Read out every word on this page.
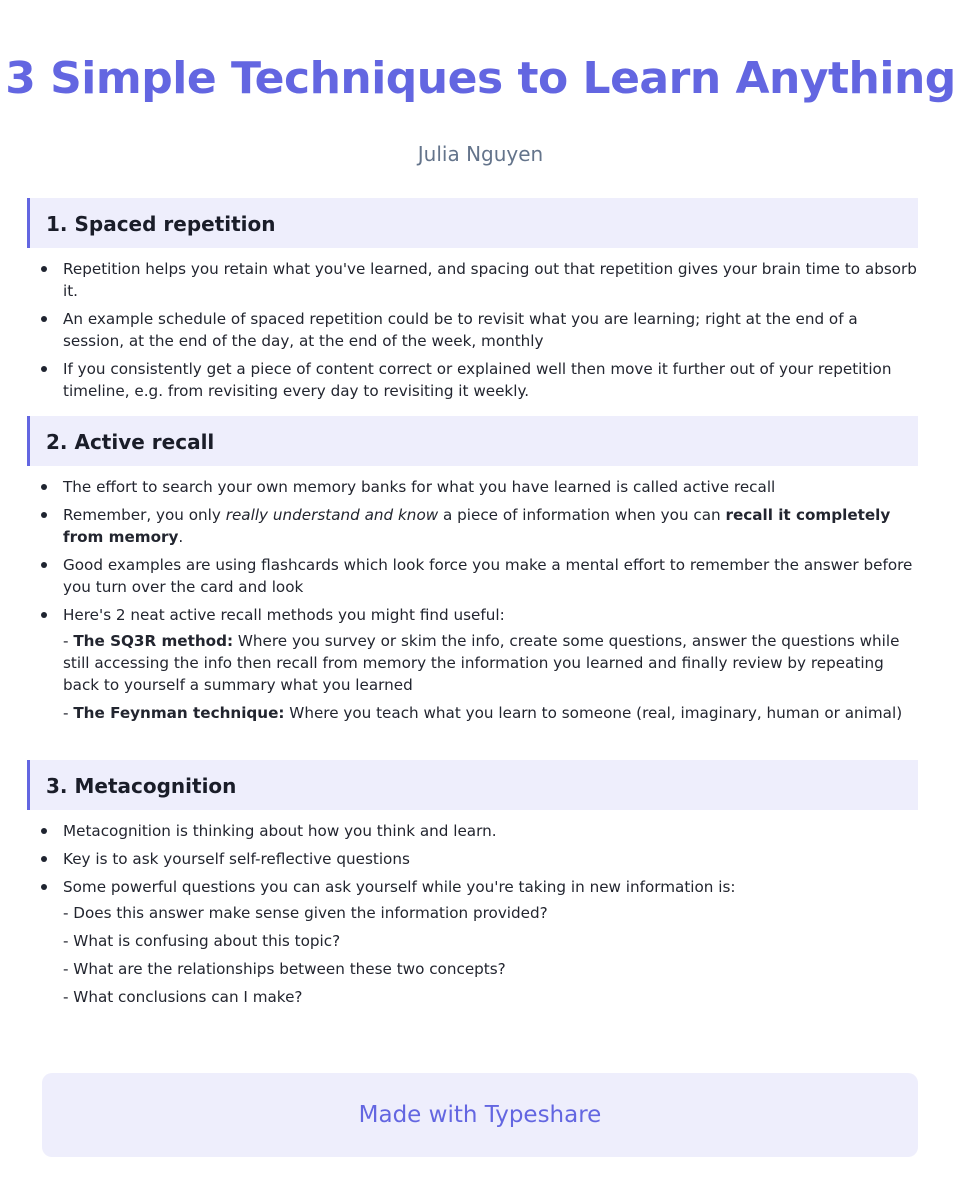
3 Simple Techniques to Learn Anything
Julia Nguyen
1. Spaced repetition
Repetition helps you retain what you've learned, and spacing out that repetition gives your brain time to absorb it.
An example schedule of spaced repetition could be to revisit what you are learning; right at the end of a session, at the end of the day, at the end of the week, monthly
If you consistently get a piece of content correct or explained well then move it further out of your repetition timeline, e.g. from revisiting every day to revisiting it weekly.
2. Active recall
The effort to search your own memory banks for what you have learned is called active recall
Remember, you only really understand and know a piece of information when you can recall it completely from memory.
Good examples are using flashcards which look force you make a mental effort to remember the answer before you turn over the card and look
Here's 2 neat active recall methods you might find useful:
- The SQ3R method: Where you survey or skim the info, create some questions, answer the questions while still accessing the info then recall from memory the information you learned and finally review by repeating back to yourself a summary what you learned
- The Feynman technique: Where you teach what you learn to someone (real, imaginary, human or animal)
3. Metacognition
Metacognition is thinking about how you think and learn.
Key is to ask yourself self-reflective questions
Some powerful questions you can ask yourself while you're taking in new information is:
- Does this answer make sense given the information provided?
- What is confusing about this topic?
- What are the relationships between these two concepts?
- What conclusions can I make?
Made with Typeshare
